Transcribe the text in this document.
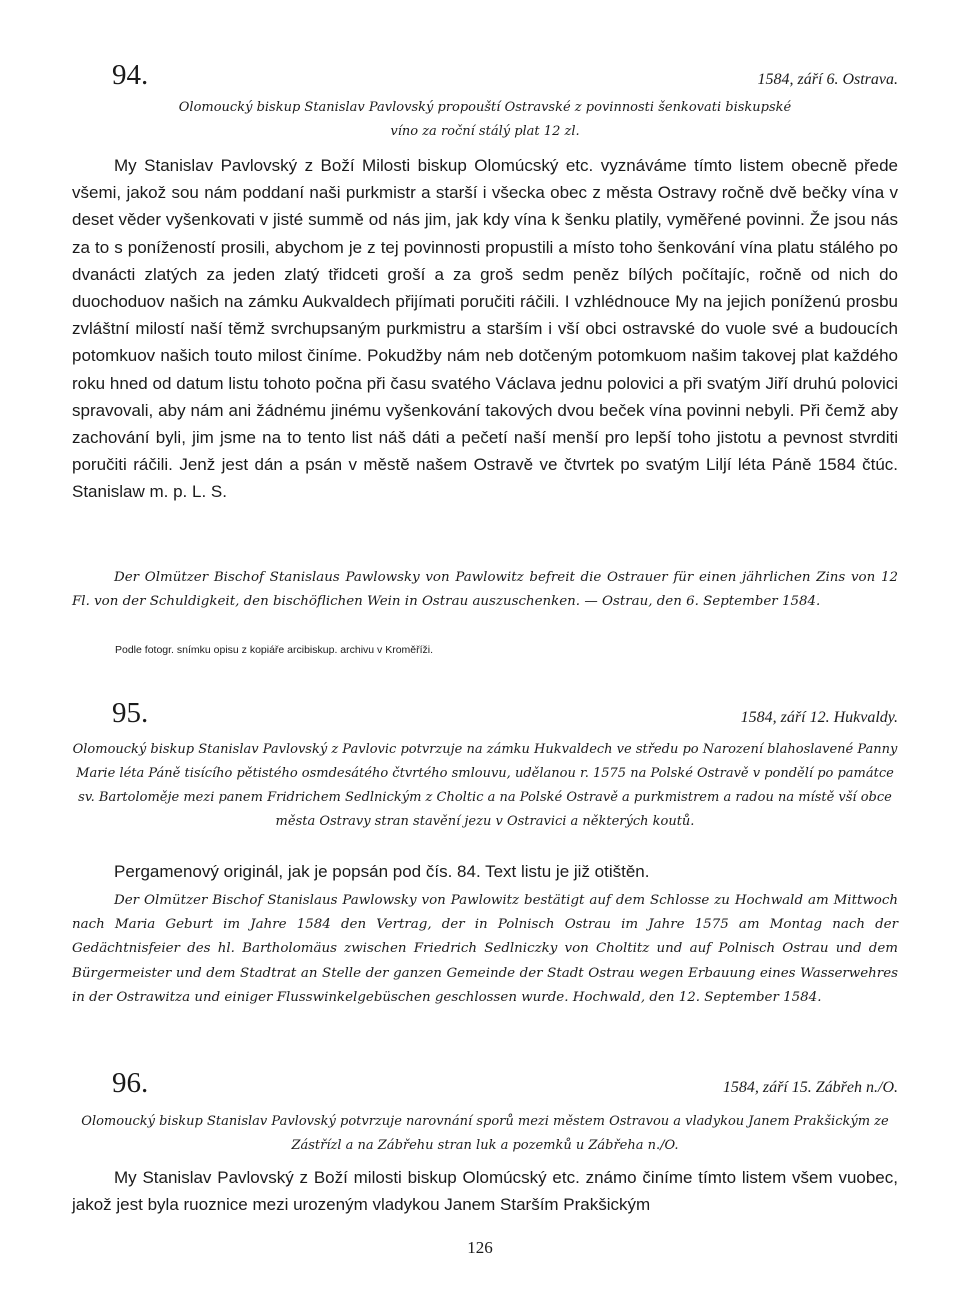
94.	1584, září 6. Ostrava.
Olomoucký biskup Stanislav Pavlovský propouští Ostravské z povinnosti šenkovati biskupské víno za roční stálý plat 12 zl.
My Stanislav Pavlovský z Boží Milosti biskup Olomúcský etc. vyznáváme tímto listem obecně přede všemi, jakož sou nám poddaní naši purkmistr a starší i všecka obec z města Ostravy ročně dvě bečky vína v deset věder vyšenkovati v jisté summě od nás jim, jak kdy vína k šenku platily, vyměřené povinni. Že jsou nás za to s ponížeností prosili, abychom je z tej povinnosti propustili a místo toho šenkování vína platu stálého po dvanácti zlatých za jeden zlatý třidceti groší a za groš sedm peněz bílých počítajíc, ročně od nich do duochoduov našich na zámku Aukvaldech přijímati poručiti ráčili. I vzhlédnouce My na jejich poníženú prosbu zvláštní milostí naší těmž svrchupsaným purkmistru a starším i vší obci ostravské do vuole své a budoucích potomkuov našich touto milost činíme. Pokudžby nám neb dotčeným potomkuom našim takovej plat každého roku hned od datum listu tohoto počna při času svatého Václava jednu polovici a při svatým Jiří druhú polovici spravovali, aby nám ani žádnému jinému vyšenkování takových dvou beček vína povinni nebyli. Při čemž aby zachování byli, jim jsme na to tento list náš dáti a pečetí naší menší pro lepší toho jistotu a pevnost stvrditi poručiti ráčili. Jenž jest dán a psán v městě našem Ostravě ve čtvrtek po svatým Liljí léta Páně 1584 čtúc. Stanislaw m. p. L. S.
Der Olmützer Bischof Stanislaus Pawlowsky von Pawlowitz befreit die Ostrauer für einen jährlichen Zins von 12 Fl. von der Schuldigkeit, den bischöflichen Wein in Ostrau auszuschenken. — Ostrau, den 6. September 1584.
Podle fotogr. snímku opisu z kopiáře arcibiskup. archivu v Kroměříži.
95.	1584, září 12. Hukvaldy.
Olomoucký biskup Stanislav Pavlovský z Pavlovic potvrzuje na zámku Hukvaldech ve středu po Narození blahoslavené Panny Marie léta Páně tisícího pětistého osmdesátého čtvrtého smlouvu, udělanou r. 1575 na Polské Ostravě v pondělí po památce sv. Bartoloměje mezi panem Fridrichem Sedlnickým z Choltic a na Polské Ostravě a purkmistrem a radou na místě vší obce města Ostravy stran stavění jezu v Ostravici a některých koutů.
Pergamenový originál, jak je popsán pod čís. 84. Text listu je již otištěn.
Der Olmützer Bischof Stanislaus Pawlowsky von Pawlowitz bestätigt auf dem Schlosse zu Hochwald am Mittwoch nach Maria Geburt im Jahre 1584 den Vertrag, der in Polnisch Ostrau im Jahre 1575 am Montag nach der Gedächtnisfeier des hl. Bartholomäus zwischen Friedrich Sedlniczky von Choltitz und auf Polnisch Ostrau und dem Bürgermeister und dem Stadtrat an Stelle der ganzen Gemeinde der Stadt Ostrau wegen Erbauung eines Wasserwehres in der Ostrawitza und einiger Flusswinkelgebüschen geschlossen wurde. Hochwald, den 12. September 1584.
96.	1584, září 15. Zábřeh n./O.
Olomoucký biskup Stanislav Pavlovský potvrzuje narovnání sporů mezi městem Ostravou a vladykou Janem Prakšickým ze Zástřízl a na Zábřehu stran luk a pozemků u Zábřeha n./O.
My Stanislav Pavlovský z Boží milosti biskup Olomúcský etc. známo činíme tímto listem všem vuobec, jakož jest byla ruoznice mezi urozeným vladykou Janem Starším Prakšickým
126
